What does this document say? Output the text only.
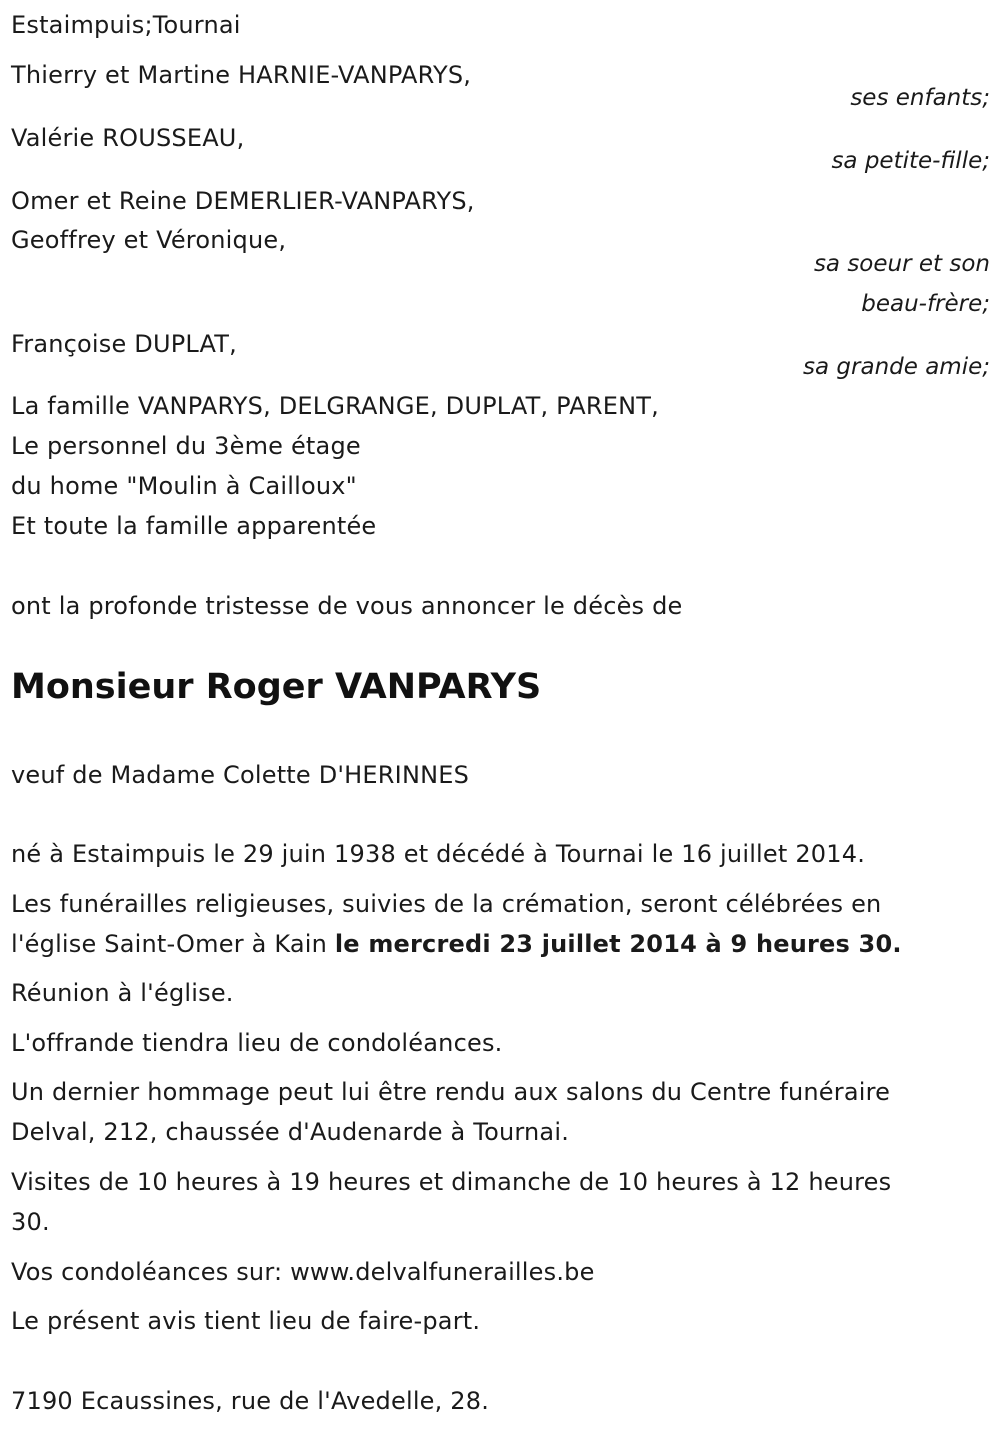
Estaimpuis;Tournai
Thierry et Martine HARNIE-VANPARYS,
ses enfants;
Valérie ROUSSEAU,
sa petite-fille;
Omer et Reine DEMERLIER-VANPARYS,
Geoffrey et Véronique,
sa soeur et son
beau-frère;
Françoise DUPLAT,
sa grande amie;
La famille VANPARYS, DELGRANGE, DUPLAT, PARENT,
Le personnel du 3ème étage
du home "Moulin à Cailloux"
Et toute la famille apparentée
ont la profonde tristesse de vous annoncer le décès de
Monsieur Roger VANPARYS
veuf de Madame Colette D'HERINNES
né à Estaimpuis le 29 juin 1938 et décédé à Tournai le 16 juillet 2014.
Les funérailles religieuses, suivies de la crémation, seront célébrées en
l'église Saint-Omer à Kain le mercredi 23 juillet 2014 à 9 heures 30.
Réunion à l'église.
L'offrande tiendra lieu de condoléances.
Un dernier hommage peut lui être rendu aux salons du Centre funéraire
Delval, 212, chaussée d'Audenarde à Tournai.
Visites de 10 heures à 19 heures et dimanche de 10 heures à 12 heures
30.
Vos condoléances sur: www.delvalfunerailles.be
Le présent avis tient lieu de faire-part.
7190 Ecaussines, rue de l'Avedelle, 28.
